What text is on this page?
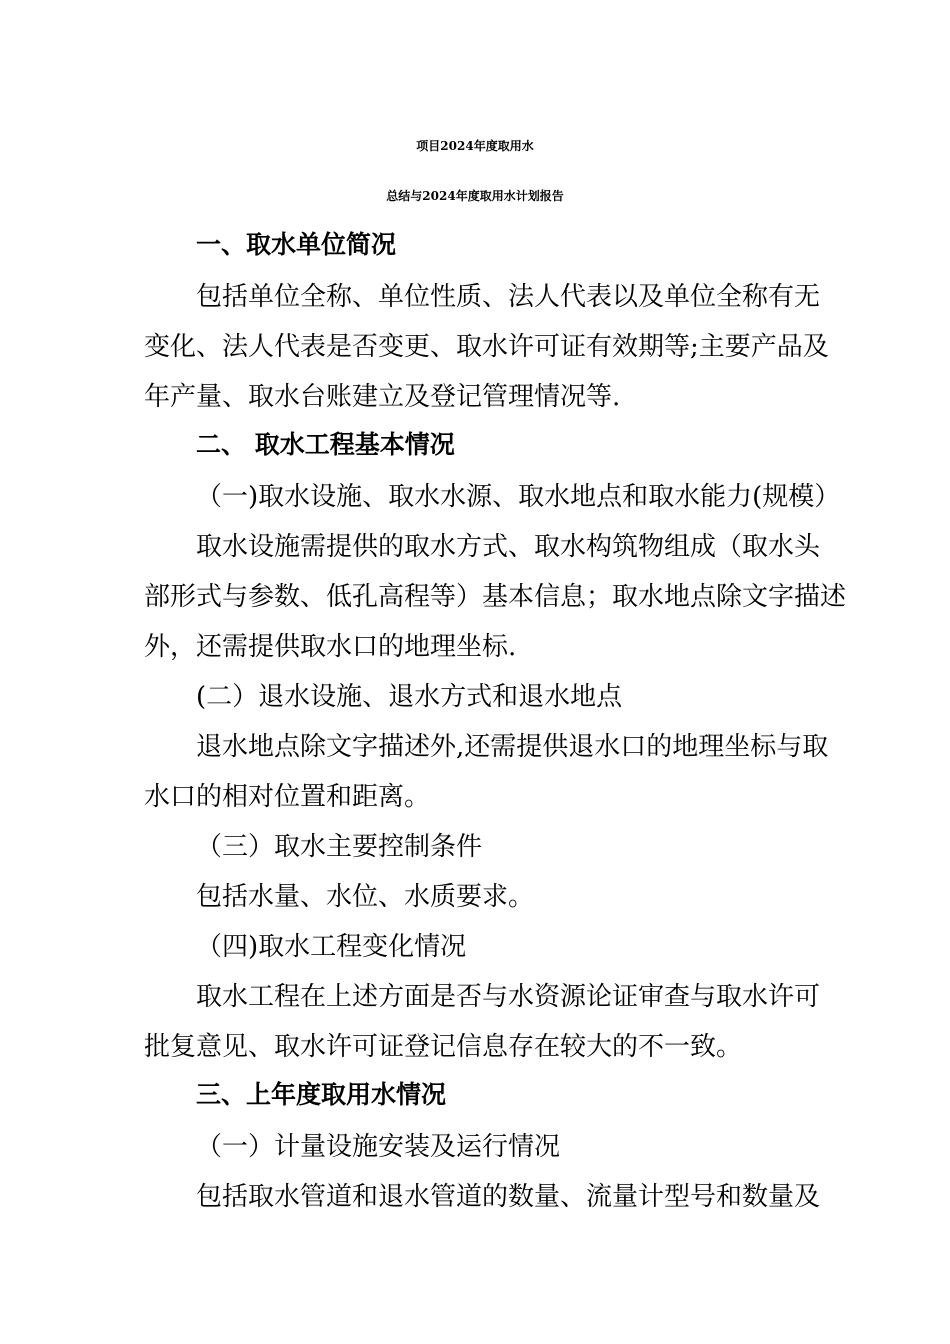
项目2024年度取用水
总结与2024年度取用水计划报告
一、取水单位简况
包括单位全称、单位性质、法人代表以及单位全称有无
变化、法人代表是否变更、取水许可证有效期等;主要产品及
年产量、取水台账建立及登记管理情况等.
二、 取水工程基本情况
（一)取水设施、取水水源、取水地点和取水能力(规模）
取水设施需提供的取水方式、取水构筑物组成（取水头
部形式与参数、低孔高程等）基本信息；取水地点除文字描述
外，还需提供取水口的地理坐标.
(二）退水设施、退水方式和退水地点
退水地点除文字描述外,还需提供退水口的地理坐标与取
水口的相对位置和距离。
（三）取水主要控制条件
包括水量、水位、水质要求。
（四)取水工程变化情况
取水工程在上述方面是否与水资源论证审查与取水许可
批复意见、取水许可证登记信息存在较大的不一致。
三、上年度取用水情况
（一）计量设施安装及运行情况
包括取水管道和退水管道的数量、流量计型号和数量及
